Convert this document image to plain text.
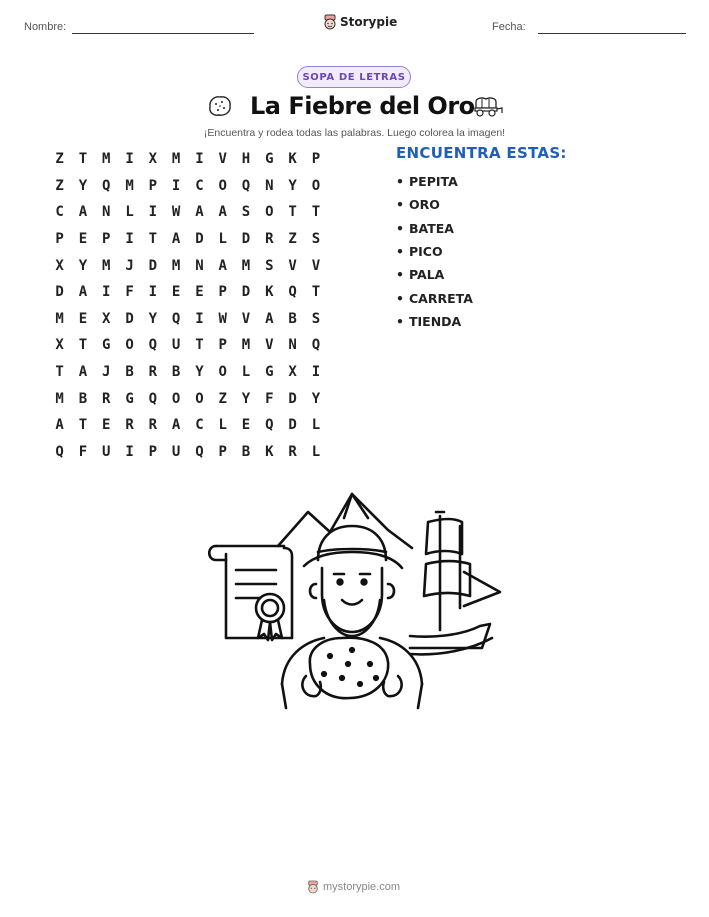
Nombre:	Storypie	Fecha:
SOPA DE LETRAS
La Fiebre del Oro
¡Encuentra y rodea todas las palabras. Luego colorea la imagen!
Z	T	M	I	X	M	I	V	H	G	K	P
Z	Y	Q	M	P	I	C	O	Q	N	Y	O
C	A	N	L	I	W	A	A	S	O	T	T
P	E	P	I	T	A	D	L	D	R	Z	S
X	Y	M	J	D	M	N	A	M	S	V	V
D	A	I	F	I	E	E	P	D	K	Q	T
M	E	X	D	Y	Q	I	W	V	A	B	S
X	T	G	O	Q	U	T	P	M	V	N	Q
T	A	J	B	R	B	Y	O	L	G	X	I
M	B	R	G	Q	O	O	Z	Y	F	D	Y
A	T	E	R	R	A	C	L	E	Q	D	L
Q	F	U	I	P	U	Q	P	B	K	R	L
ENCUENTRA ESTAS:
• PEPITA
• ORO
• BATEA
• PICO
• PALA
• CARRETA
• TIENDA
mystorypie.com
